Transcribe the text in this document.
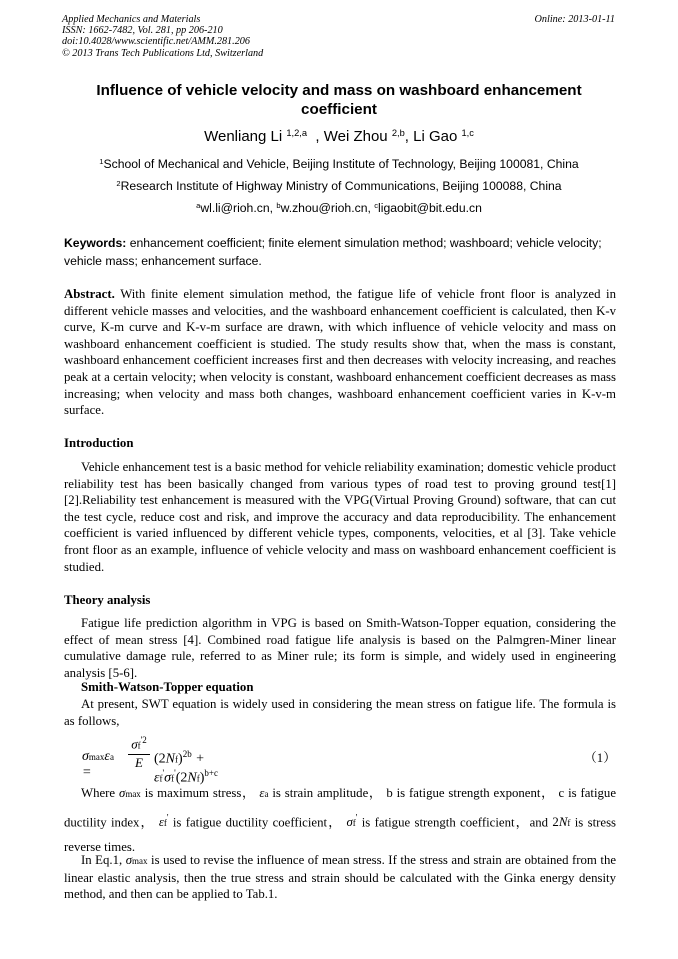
Applied Mechanics and Materials
ISSN: 1662-7482, Vol. 281, pp 206-210
doi:10.4028/www.scientific.net/AMM.281.206
© 2013 Trans Tech Publications Ltd, Switzerland
Online: 2013-01-11
Influence of vehicle velocity and mass on washboard enhancement coefficient
Wenliang Li $^{1,2,a}$  , Wei Zhou $^{2,b}$, Li Gao $^{1,c}$
$^1$School of Mechanical and Vehicle, Beijing Institute of Technology, Beijing 100081, China
$^2$Research Institute of Highway Ministry of Communications, Beijing 100088, China
$^a$wl.li@rioh.cn, $^b$w.zhou@rioh.cn, $^c$ligaobit@bit.edu.cn
Keywords: enhancement coefficient; finite element simulation method; washboard; vehicle velocity; vehicle mass; enhancement surface.
Abstract. With finite element simulation method, the fatigue life of vehicle front floor is analyzed in different vehicle masses and velocities, and the washboard enhancement coefficient is calculated, then K-v curve, K-m curve and K-v-m surface are drawn, with which influence of vehicle velocity and mass on washboard enhancement coefficient is studied. The study results show that, when the mass is constant, washboard enhancement coefficient increases first and then decreases with velocity increasing, and reaches peak at a certain velocity; when velocity is constant, washboard enhancement coefficient decreases as mass increasing; when velocity and mass both changes, washboard enhancement coefficient varies in K-v-m surface.
Introduction
Vehicle enhancement test is a basic method for vehicle reliability examination; domestic vehicle product reliability test has been basically changed from various types of road test to proving ground test[1][2].Reliability test enhancement is measured with the VPG(Virtual Proving Ground) software, that can cut the test cycle, reduce cost and risk, and improve the accuracy and data reproducibility. The enhancement coefficient is varied influenced by different vehicle types, components, velocities, et al [3]. Take vehicle front floor as an example, influence of vehicle velocity and mass on washboard enhancement coefficient is studied.
Theory analysis
Fatigue life prediction algorithm in VPG is based on Smith-Watson-Topper equation, considering the effect of mean stress [4]. Combined road fatigue life analysis is based on the Palmgren-Miner linear cumulative damage rule, referred to as Miner rule; its form is simple, and widely used in engineering analysis [5-6].
Smith-Watson-Topper equation
At present, SWT equation is widely used in considering the mean stress on fatigue life. The formula is as follows,
σmaxεa =
$\sigma f^{'2}$
E $(2Nf)^{2b} + \varepsilon f'\sigma f'(2Nf)^{b+c}$
（1）
Where σmax is maximum stress， εa is strain amplitude， b is fatigue strength exponent， c is fatigue ductility index， εf' is fatigue ductility coefficient， σf' is fatigue strength coefficient，and 2Nf is stress reverse times.
In Eq.1, σmax is used to revise the influence of mean stress. If the stress and strain are obtained from the linear elastic analysis, then the true stress and strain should be calculated with the Ginka energy density method, and then can be applied to Tab.1.
